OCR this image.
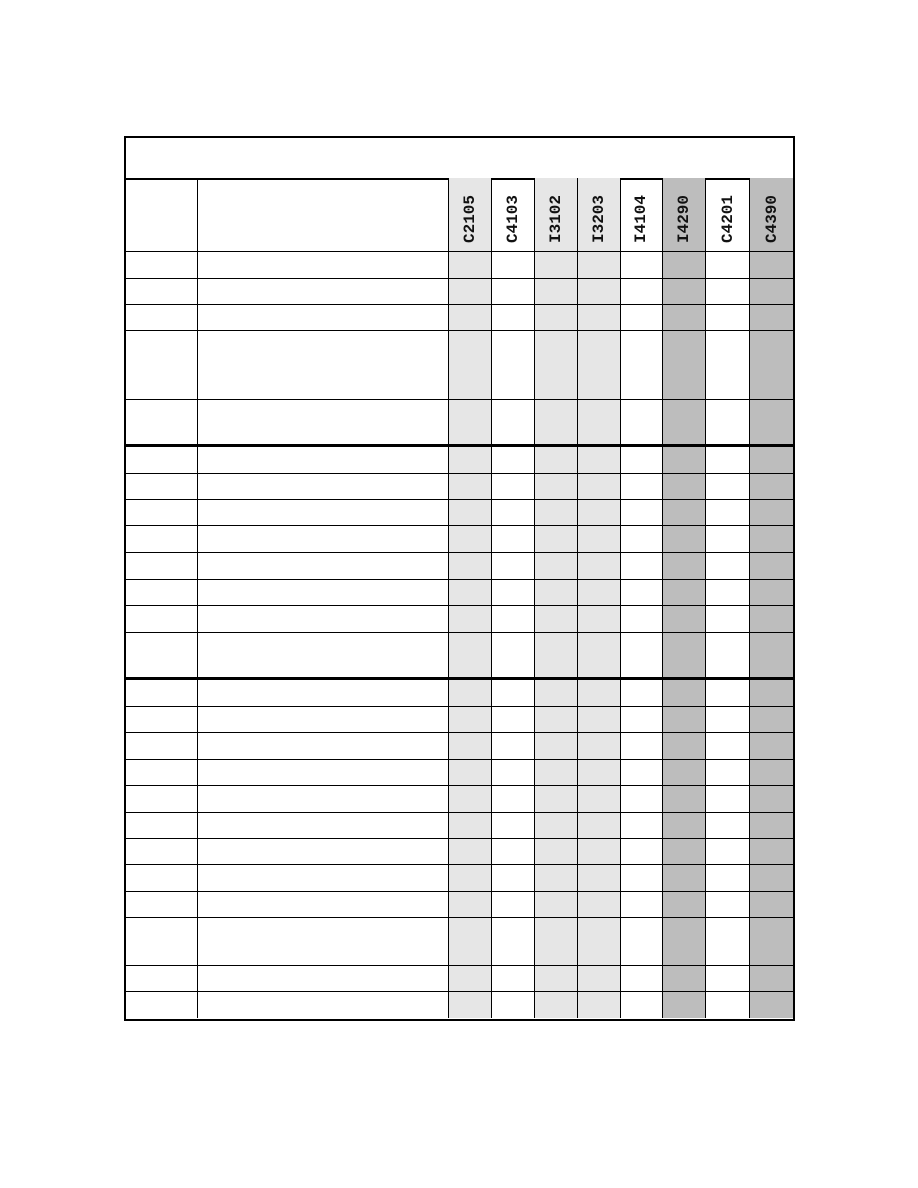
C2105 C4103 I3102 I3203 I4104 I4290 C4201 C4390
